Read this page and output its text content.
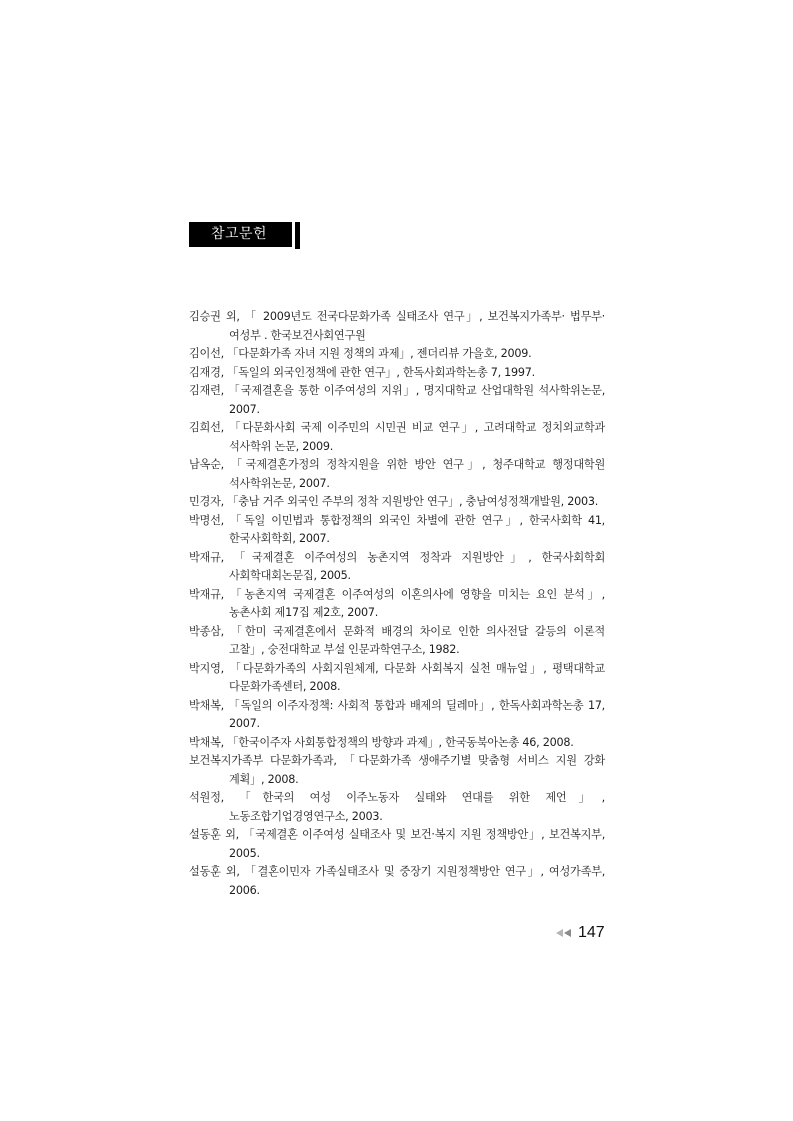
참고문헌
김승권 외, 「 2009년도 전국다문화가족 실태조사 연구」, 보건복지가족부· 법무부· 여성부 . 한국보건사회연구원
김이선, 「다문화가족 자녀 지원 정책의 과제」, 젠더리뷰 가을호, 2009.
김재경, 「독일의 외국인정책에 관한 연구」, 한독사회과학논총 7, 1997.
김재련, 「국제결혼을 통한 이주여성의 지위」, 명지대학교 산업대학원 석사학위논문, 2007.
김희선, 「다문화사회 국제 이주민의 시민권 비교 연구」, 고려대학교 정치외교학과 석사학위 논문, 2009.
남옥순, 「국제결혼가정의 정착지원을 위한 방안 연구」, 청주대학교 행정대학원 석사학위논문, 2007.
민경자, 「충남 거주 외국인 주부의 정착 지원방안 연구」, 충남여성정책개발원, 2003.
박명선, 「독일 이민법과 통합정책의 외국인 차별에 관한 연구」, 한국사회학 41, 한국사회학회, 2007.
박재규, 「국제결혼 이주여성의 농촌지역 정착과 지원방안」, 한국사회학회 사회학대회논문집, 2005.
박재규, 「농촌지역 국제결혼 이주여성의 이혼의사에 영향을 미치는 요인 분석」, 농촌사회 제17집 제2호, 2007.
박종삼, 「한미 국제결혼에서 문화적 배경의 차이로 인한 의사전달 갈등의 이론적 고찰」, 숭전대학교 부설 인문과학연구소, 1982.
박지영, 「다문화가족의 사회지원체계, 다문화 사회복지 실천 매뉴얼」, 평택대학교 다문화가족센터, 2008.
박채복, 「독일의 이주자정책: 사회적 통합과 배제의 딜레마」, 한독사회과학논총 17, 2007.
박채복, 「한국이주자 사회통합정책의 방향과 과제」, 한국동북아논총 46, 2008.
보건복지가족부 다문화가족과, 「다문화가족 생애주기별 맞춤형 서비스 지원 강화 계획」, 2008.
석원정, 「한국의 여성 이주노동자 실태와 연대를 위한 제언」, 노동조합기업경영연구소, 2003.
설동훈 외, 「국제결혼 이주여성 실태조사 및 보건·복지 지원 정책방안」, 보건복지부, 2005.
설동훈 외, 「결혼이민자 가족실태조사 및 중장기 지원정책방안 연구」, 여성가족부, 2006.
147
